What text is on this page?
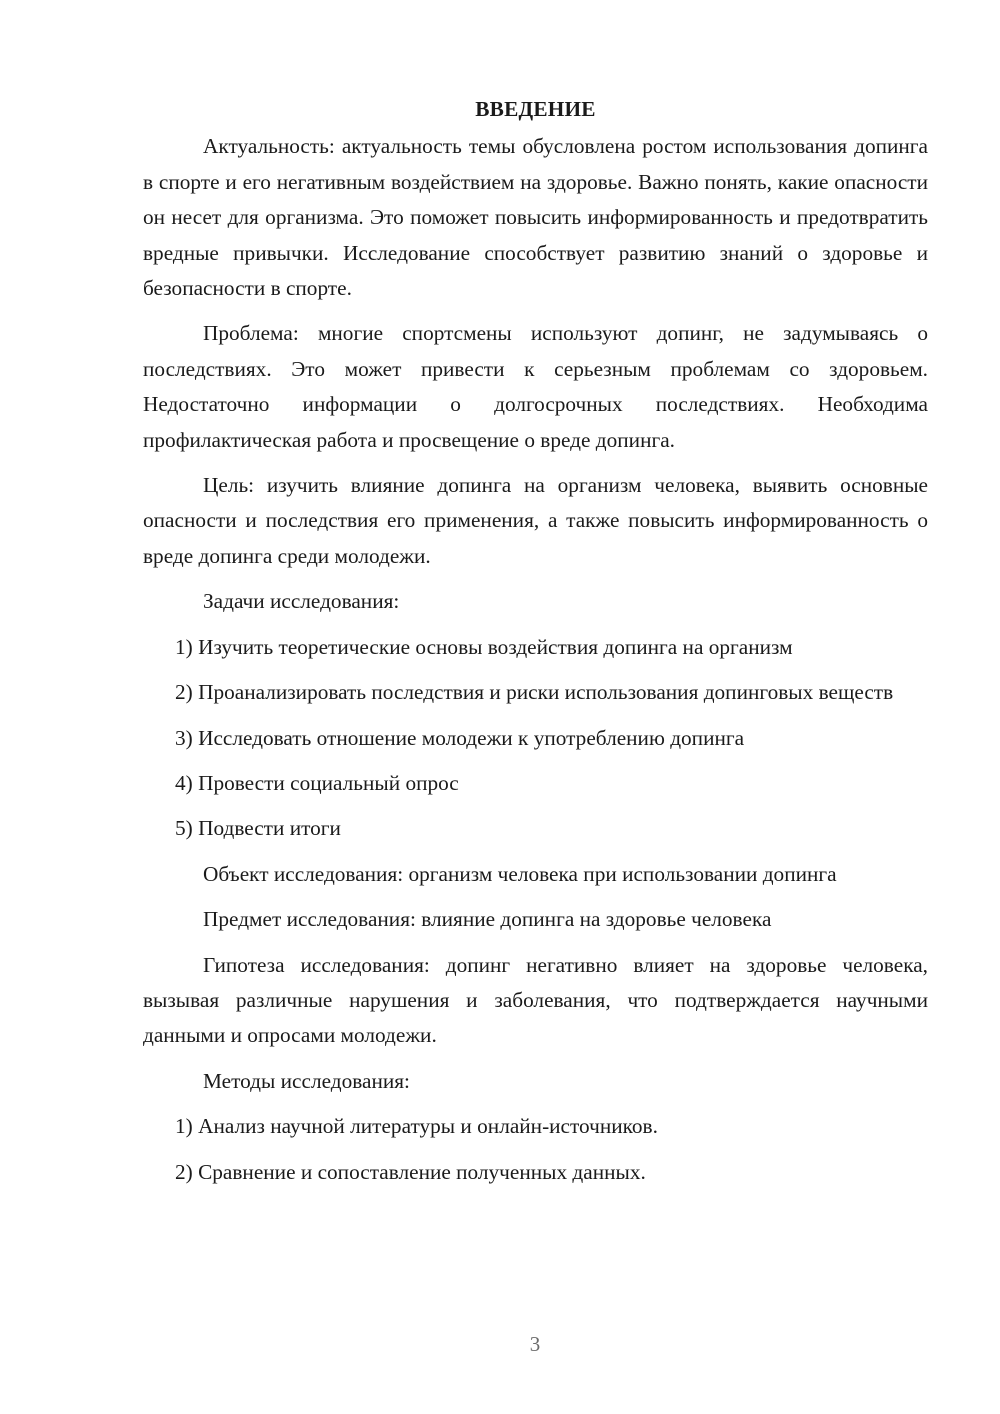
ВВЕДЕНИЕ

Актуальность: актуальность темы обусловлена ростом использования допинга в спорте и его негативным воздействием на здоровье. Важно понять, какие опасности он несет для организма. Это поможет повысить информированность и предотвратить вредные привычки. Исследование способствует развитию знаний о здоровье и безопасности в спорте.

Проблема: многие спортсмены используют допинг, не задумываясь о последствиях. Это может привести к серьезным проблемам со здоровьем. Недостаточно информации о долгосрочных последствиях. Необходима профилактическая работа и просвещение о вреде допинга.

Цель: изучить влияние допинга на организм человека, выявить основные опасности и последствия его применения, а также повысить информированность о вреде допинга среди молодежи.

Задачи исследования:

1) Изучить теоретические основы воздействия допинга на организм

2) Проанализировать последствия и риски использования допинговых веществ

3) Исследовать отношение молодежи к употреблению допинга

4) Провести социальный опрос

5) Подвести итоги

Объект исследования: организм человека при использовании допинга

Предмет исследования: влияние допинга на здоровье человека

Гипотеза исследования: допинг негативно влияет на здоровье человека, вызывая различные нарушения и заболевания, что подтверждается научными данными и опросами молодежи.

Методы исследования:

1) Анализ научной литературы и онлайн-источников.

2) Сравнение и сопоставление полученных данных.

3
